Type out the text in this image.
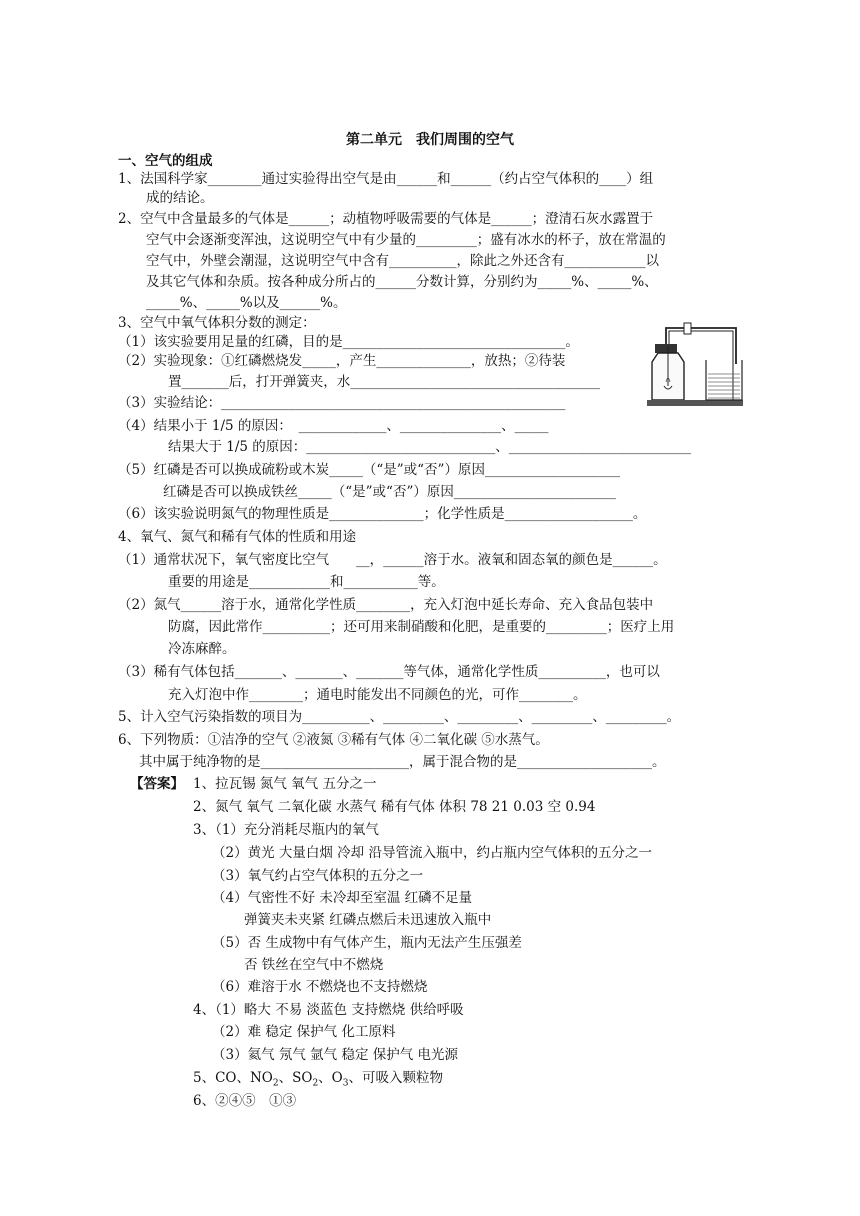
第二单元　我们周围的空气
一、空气的组成
1、法国科学家________通过实验得出空气是由______和______（约占空气体积的____）组
成的结论。
2、空气中含量最多的气体是______；动植物呼吸需要的气体是______；澄清石灰水露置于
空气中会逐渐变浑浊，这说明空气中有少量的_________；盛有冰水的杯子，放在常温的
空气中，外壁会潮湿，这说明空气中含有__________，除此之外还含有____________以
及其它气体和杂质。按各种成分所占的______分数计算，分别约为_____%、_____%、
_____%、_____%以及______%。
3、空气中氧气体积分数的测定：
（1）该实验要用足量的红磷，目的是_________________________________。
（2）实验现象：①红磷燃烧发_____，产生______________，放热；②待装
置_______后，打开弹簧夹，水_____________________________________
（3）实验结论：___________________________________________________
（4）结果小于 1/5 的原因：　_____________、_______________、_____
结果大于 1/5 的原因：____________________________、___________________________
（5）红磷是否可以换成硫粉或木炭_____（“是”或“否”）原因____________________
红磷是否可以换成铁丝_____（“是”或“否”）原因________________________
（6）该实验说明氮气的物理性质是______________；化学性质是___________________。
4、氧气、氮气和稀有气体的性质和用途
（1）通常状况下，氧气密度比空气　　__，______溶于水。液氧和固态氧的颜色是______。
重要的用途是____________和___________等。
（2）氮气______溶于水，通常化学性质________，充入灯泡中延长寿命、充入食品包装中
防腐，因此常作__________；还可用来制硝酸和化肥，是重要的_________；医疗上用
冷冻麻醉。
（3）稀有气体包括_______、_______、_______等气体，通常化学性质__________，也可以
充入灯泡中作________；通电时能发出不同颜色的光，可作________。
5、计入空气污染指数的项目为__________、_________、_________、_________、_________。
6、下列物质：①洁净的空气 ②液氮 ③稀有气体 ④二氧化碳 ⑤水蒸气。
其中属于纯净物的是______________________，属于混合物的是____________________。
【答案】 1、拉瓦锡 氮气 氧气 五分之一
2、氮气 氧气 二氧化碳 水蒸气 稀有气体 体积 78 21 0.03 空 0.94
3、（1）充分消耗尽瓶内的氧气
（2）黄光 大量白烟 冷却 沿导管流入瓶中，约占瓶内空气体积的五分之一
（3）氧气约占空气体积的五分之一
（4）气密性不好 未冷却至室温 红磷不足量
弹簧夹未夹紧 红磷点燃后未迅速放入瓶中
（5）否 生成物中有气体产生，瓶内无法产生压强差
否 铁丝在空气中不燃烧
（6）难溶于水 不燃烧也不支持燃烧
4、（1）略大 不易 淡蓝色 支持燃烧 供给呼吸
（2）难 稳定 保护气 化工原料
（3）氦气 氖气 氩气 稳定 保护气 电光源
5、CO、$NO_2$、$SO_2$、$O_3$、可吸入颗粒物
6、②④⑤　①③
